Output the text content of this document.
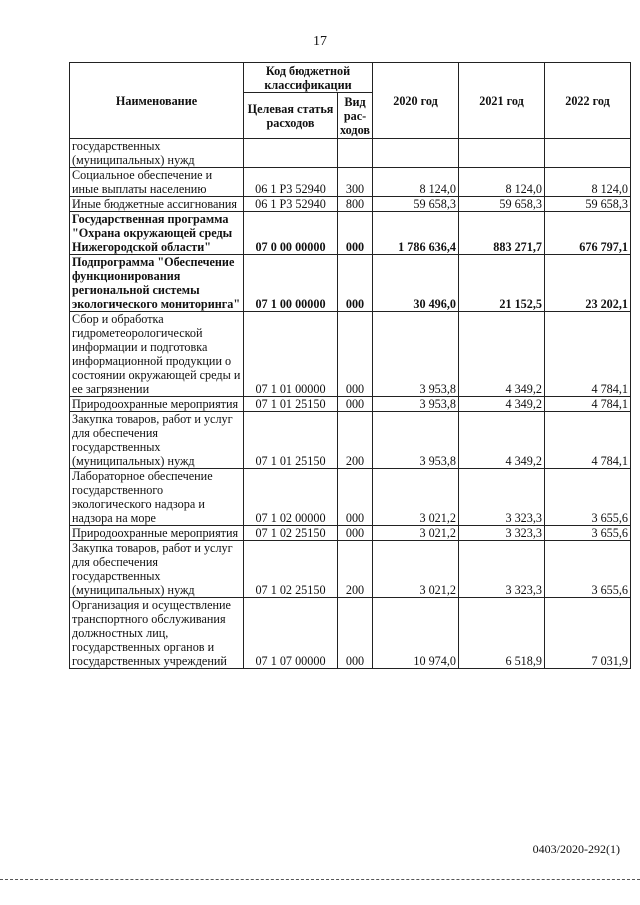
17
Наименование	Код бюджетной классификации		2020 год	2021 год	2022 год
	Целевая статья расходов	Вид рас-ходов			
государственных (муниципальных) нужд					
Социальное обеспечение и иные выплаты населению	06 1 P3 52940	300	8 124,0	8 124,0	8 124,0
Иные бюджетные ассигнования	06 1 P3 52940	800	59 658,3	59 658,3	59 658,3
Государственная программа "Охрана окружающей среды Нижегородской области"	07 0 00 00000	000	1 786 636,4	883 271,7	676 797,1
Подпрограмма "Обеспечение функционирования региональной системы экологического мониторинга"	07 1 00 00000	000	30 496,0	21 152,5	23 202,1
Сбор и обработка гидрометеорологической информации и подготовка информационной продукции о состоянии окружающей среды и ее загрязнении	07 1 01 00000	000	3 953,8	4 349,2	4 784,1
Природоохранные мероприятия	07 1 01 25150	000	3 953,8	4 349,2	4 784,1
Закупка товаров, работ и услуг для обеспечения государственных (муниципальных) нужд	07 1 01 25150	200	3 953,8	4 349,2	4 784,1
Лабораторное обеспечение государственного экологического надзора и надзора на море	07 1 02 00000	000	3 021,2	3 323,3	3 655,6
Природоохранные мероприятия	07 1 02 25150	000	3 021,2	3 323,3	3 655,6
Закупка товаров, работ и услуг для обеспечения государственных (муниципальных) нужд	07 1 02 25150	200	3 021,2	3 323,3	3 655,6
Организация и осуществление транспортного обслуживания должностных лиц, государственных органов и государственных учреждений	07 1 07 00000	000	10 974,0	6 518,9	7 031,9
0403/2020-292(1)
